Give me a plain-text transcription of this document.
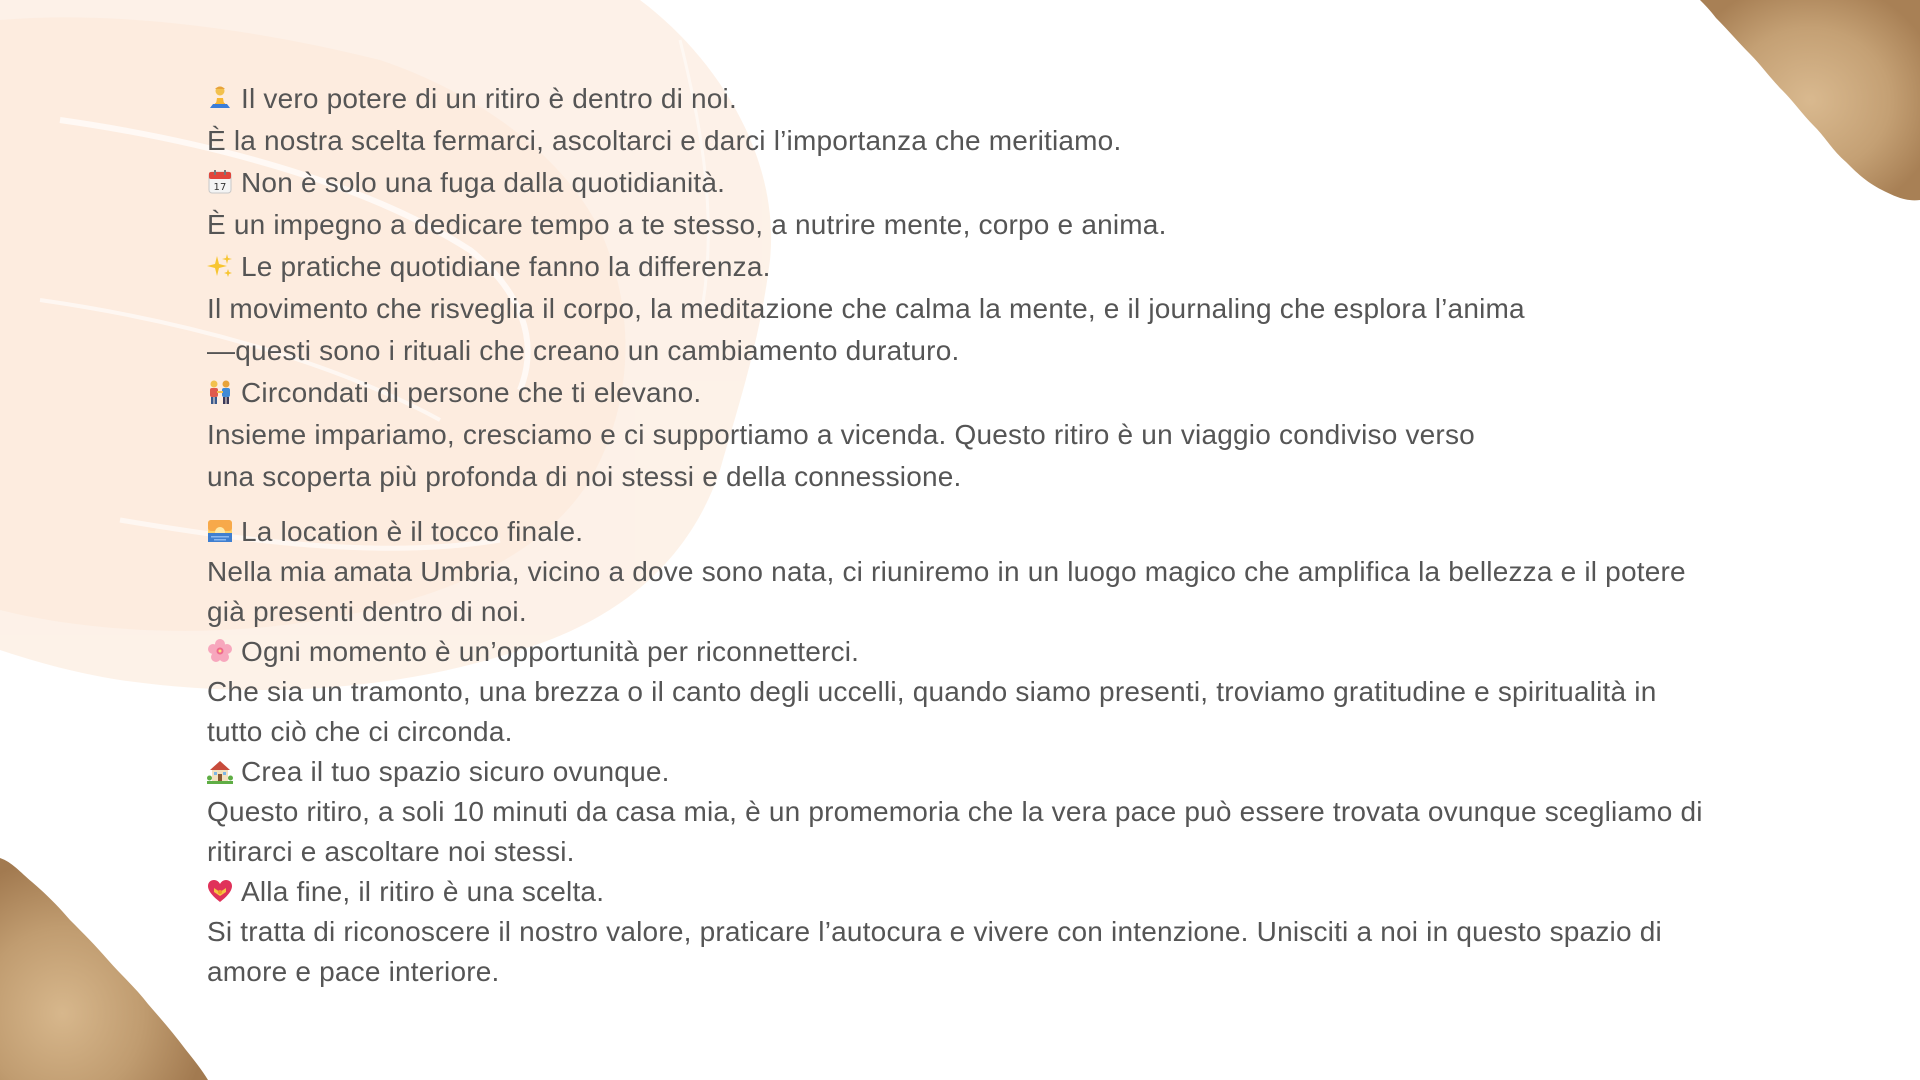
Il vero potere di un ritiro è dentro di noi.
È la nostra scelta fermarci, ascoltarci e darci l’importanza che meritiamo.
17 Non è solo una fuga dalla quotidianità.
È un impegno a dedicare tempo a te stesso, a nutrire mente, corpo e anima.
Le pratiche quotidiane fanno la differenza.
Il movimento che risveglia il corpo, la meditazione che calma la mente, e il journaling che esplora l’anima
—questi sono i rituali che creano un cambiamento duraturo.
Circondati di persone che ti elevano.
Insieme impariamo, cresciamo e ci supportiamo a vicenda. Questo ritiro è un viaggio condiviso verso
una scoperta più profonda di noi stessi e della connessione.
La location è il tocco finale.
Nella mia amata Umbria, vicino a dove sono nata, ci riuniremo in un luogo magico che amplifica la bellezza e il potere
già presenti dentro di noi.
Ogni momento è un’opportunità per riconnetterci.
Che sia un tramonto, una brezza o il canto degli uccelli, quando siamo presenti, troviamo gratitudine e spiritualità in
tutto ciò che ci circonda.
Crea il tuo spazio sicuro ovunque.
Questo ritiro, a soli 10 minuti da casa mia, è un promemoria che la vera pace può essere trovata ovunque scegliamo di
ritirarci e ascoltare noi stessi.
Alla fine, il ritiro è una scelta.
Si tratta di riconoscere il nostro valore, praticare l’autocura e vivere con intenzione. Unisciti a noi in questo spazio di
amore e pace interiore.
